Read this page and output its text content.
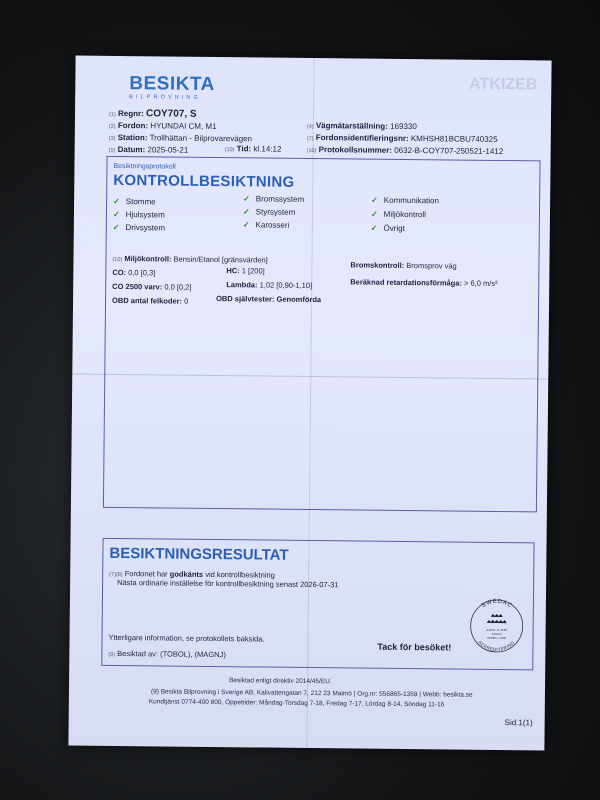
ATKIZEB
BESIKTA
BILPROVNING
(1) Regnr: COY707, S
(2) Fordon: HYUNDAI CM, M1
(3) Station: Trollhättan - Bilprovarevägen
(5) Datum: 2025-05-21	(10) Tid: kl.14:12
(4) Vägmätarställning: 169330
(7) Fordonsidentifieringsnr: KMHSH81BCBU740325
(10) Protokollsnummer: 0632-B-COY707-250521-1412
Besiktningsprotokoll
KONTROLLBESIKTNING
✓ Stomme
✓ Hjulsystem
✓ Drivsystem
✓ Bromssystem
✓ Styrsystem
✓ Karosseri
✓ Kommunikation
✓ Miljökontroll
✓ Övrigt
(10) Miljökontroll: Bensin/Etanol [gränsvärden]
CO: 0,0 [0,3]	HC: 1 [200]
CO 2500 varv: 0,0 [0,2]	Lambda: 1,02 [0,90-1,10]
OBD antal felkoder: 0	OBD självtester: Genomförda
Bromskontroll: Bromsprov väg
Beräknad retardationsförmåga: > 6,0 m/s²
BESIKTNINGSRESULTAT
(7)(8) Fordonet har godkänts vid kontrollbesiktning
Nästa ordinarie inställelse för kontrollbesiktning senast 2026-07-31
Ytterligare information, se protokollets baksida.
Tack för besöket!
(9) Besiktad av: (TOBOL), (MAGNJ)
SWEDAC
ACKREDITERING
Ackred. nr. 8100
Kontroll
ISO/IEC 17020
Besiktad enligt direktiv 2014/45/EU.
(9) Besikta Bilprovning i Sverige AB, Kalivattengatan 7, 212 23 Malmö | Org.nr: 556865-1359 | Webb: besikta.se
Kundtjänst 0774-400 800, Öppettider: Måndag-Torsdag 7-18, Fredag 7-17, Lördag 8-14, Söndag 11-16
Sid.1(1)
